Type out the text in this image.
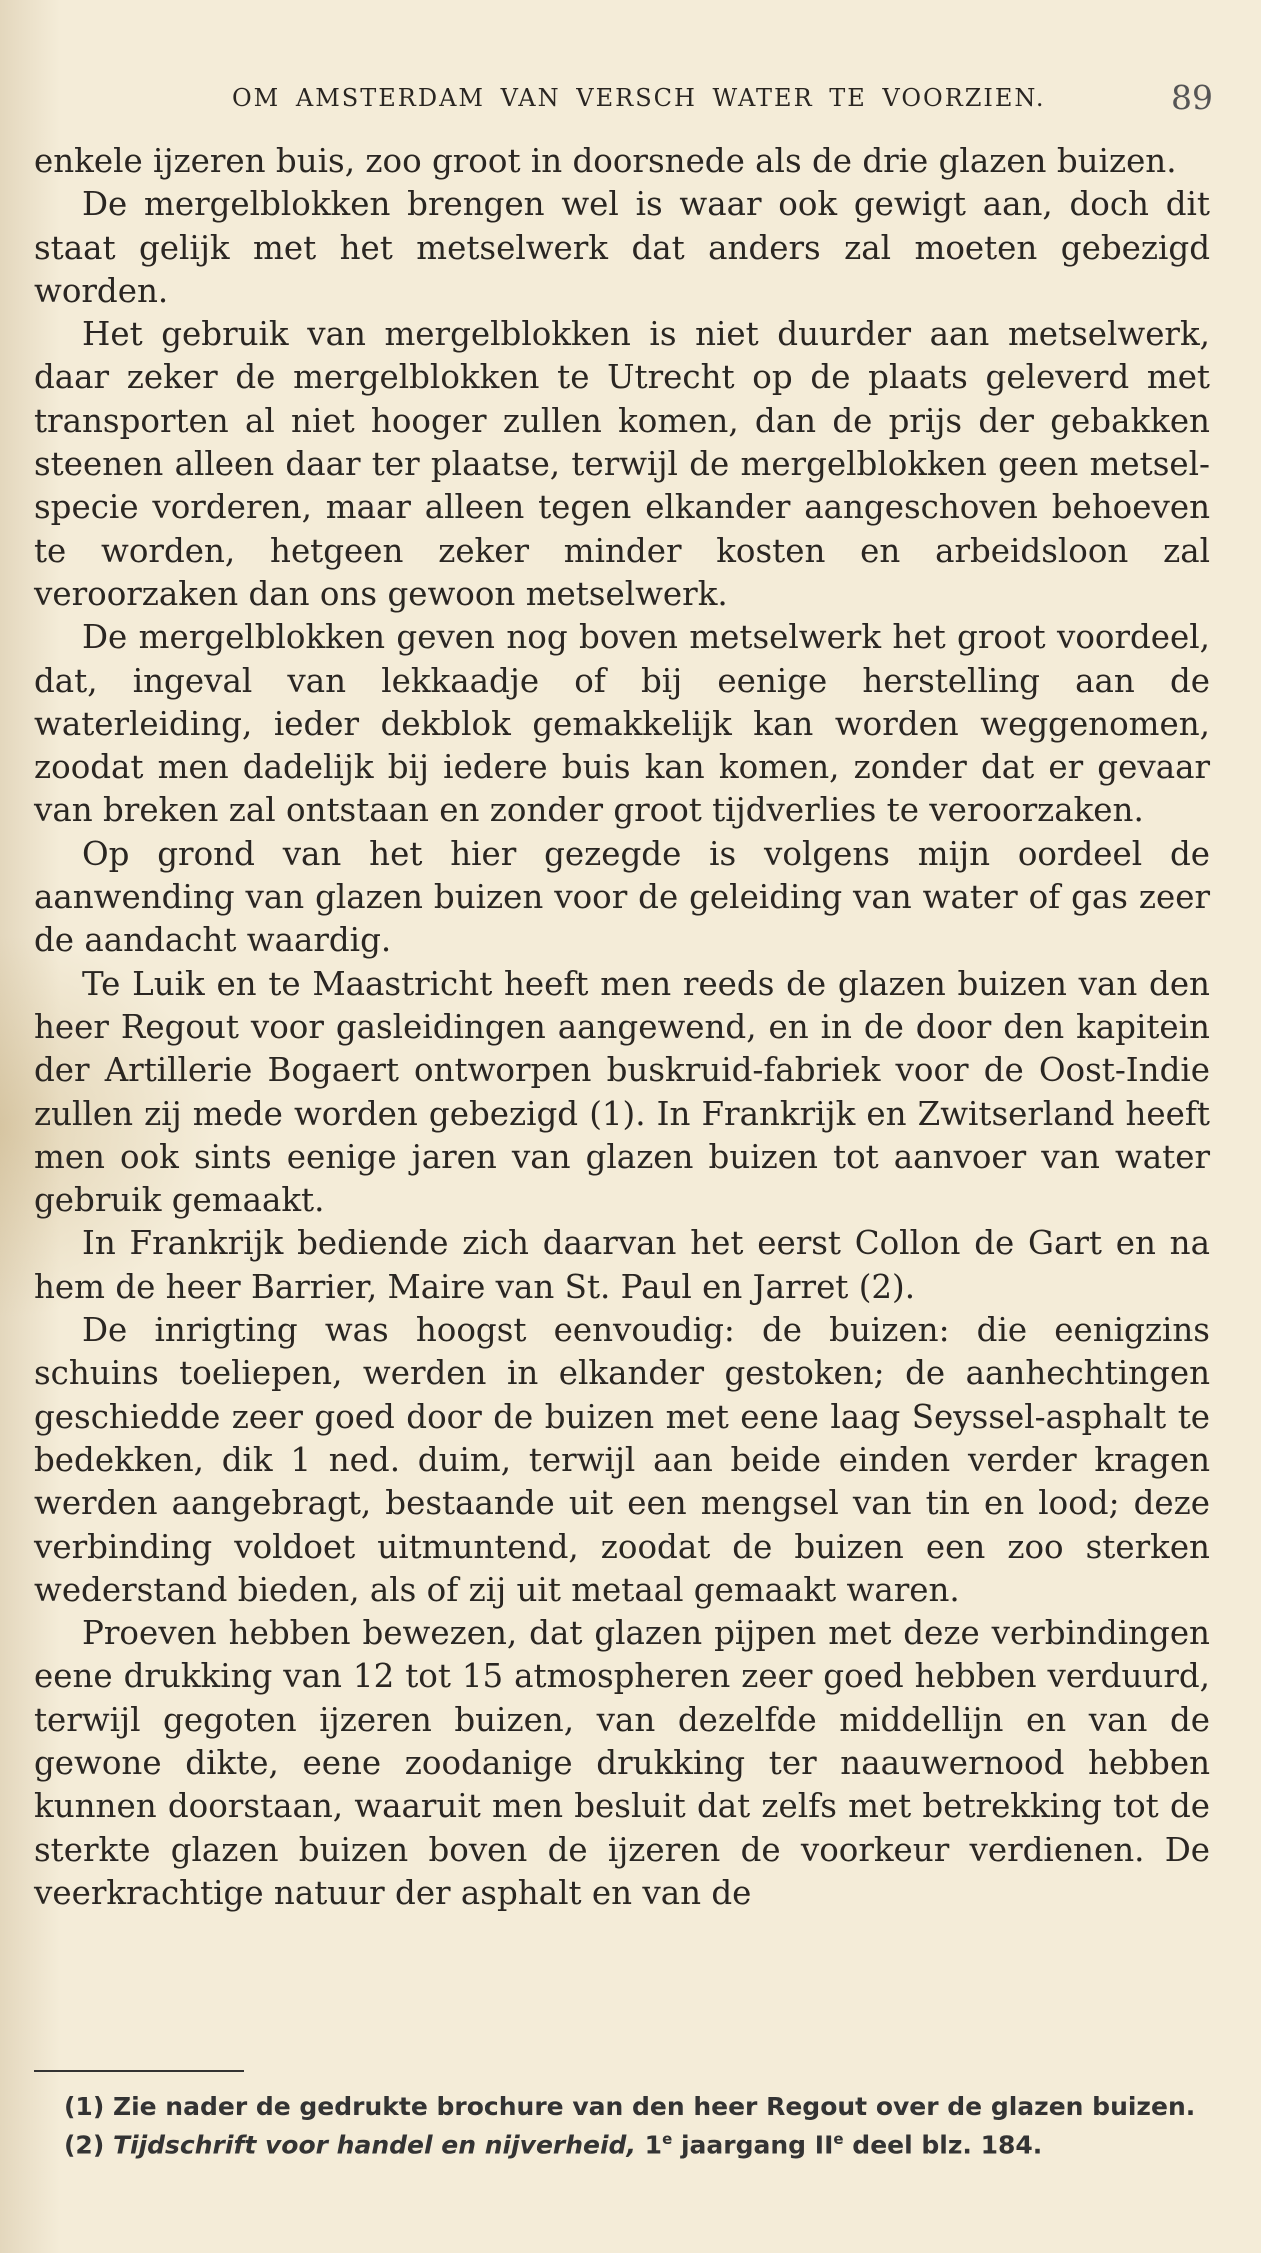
OM AMSTERDAM VAN VERSCH WATER TE VOORZIEN.	89

enkele ijzeren buis, zoo groot in doorsnede als de drie glazen buizen.

De mergelblokken brengen wel is waar ook gewigt aan, doch dit staat gelijk met het metselwerk dat anders zal moeten gebezigd worden.

Het gebruik van mergelblokken is niet duurder aan metselwerk, daar zeker de mergelblokken te Utrecht op de plaats geleverd met transporten al niet hooger zullen komen, dan de prijs der gebakken steenen alleen daar ter plaatse, terwijl de mergelblokken geen metsel-specie vorderen, maar alleen tegen elkander aangeschoven behoeven te worden, hetgeen zeker minder kosten en arbeidsloon zal veroorzaken dan ons gewoon metselwerk.

De mergelblokken geven nog boven metselwerk het groot voordeel, dat, ingeval van lekkaadje of bij eenige herstelling aan de waterleiding, ieder dekblok gemakkelijk kan worden weggenomen, zoodat men dadelijk bij iedere buis kan komen, zonder dat er gevaar van breken zal ontstaan en zonder groot tijdverlies te veroorzaken.

Op grond van het hier gezegde is volgens mijn oordeel de aanwending van glazen buizen voor de geleiding van water of gas zeer de aandacht waardig.

Te Luik en te Maastricht heeft men reeds de glazen buizen van den heer Regout voor gasleidingen aangewend, en in de door den kapitein der Artillerie Bogaert ontworpen buskruid-fabriek voor de Oost-Indie zullen zij mede worden gebezigd (1). In Frankrijk en Zwitserland heeft men ook sints eenige jaren van glazen buizen tot aanvoer van water gebruik gemaakt.

In Frankrijk bediende zich daarvan het eerst Collon de Gart en na hem de heer Barrier, Maire van St. Paul en Jarret (2).

De inrigting was hoogst eenvoudig: de buizen: die eenigzins schuins toeliepen, werden in elkander gestoken; de aanhechtingen geschiedde zeer goed door de buizen met eene laag Seyssel-asphalt te bedekken, dik 1 ned. duim, terwijl aan beide einden verder kragen werden aangebragt, bestaande uit een mengsel van tin en lood; deze verbinding voldoet uitmuntend, zoodat de buizen een zoo sterken wederstand bieden, als of zij uit metaal gemaakt waren.

Proeven hebben bewezen, dat glazen pijpen met deze verbindingen eene drukking van 12 tot 15 atmospheren zeer goed hebben verduurd, terwijl gegoten ijzeren buizen, van dezelfde middellijn en van de gewone dikte, eene zoodanige drukking ter naauwernood hebben kunnen doorstaan, waaruit men besluit dat zelfs met betrekking tot de sterkte glazen buizen boven de ijzeren de voorkeur verdienen. De veerkrachtige natuur der asphalt en van de

(1) Zie nader de gedrukte brochure van den heer Regout over de glazen buizen.

(2) Tijdschrift voor handel en nijverheid, 1e jaargang IIe deel blz. 184.
